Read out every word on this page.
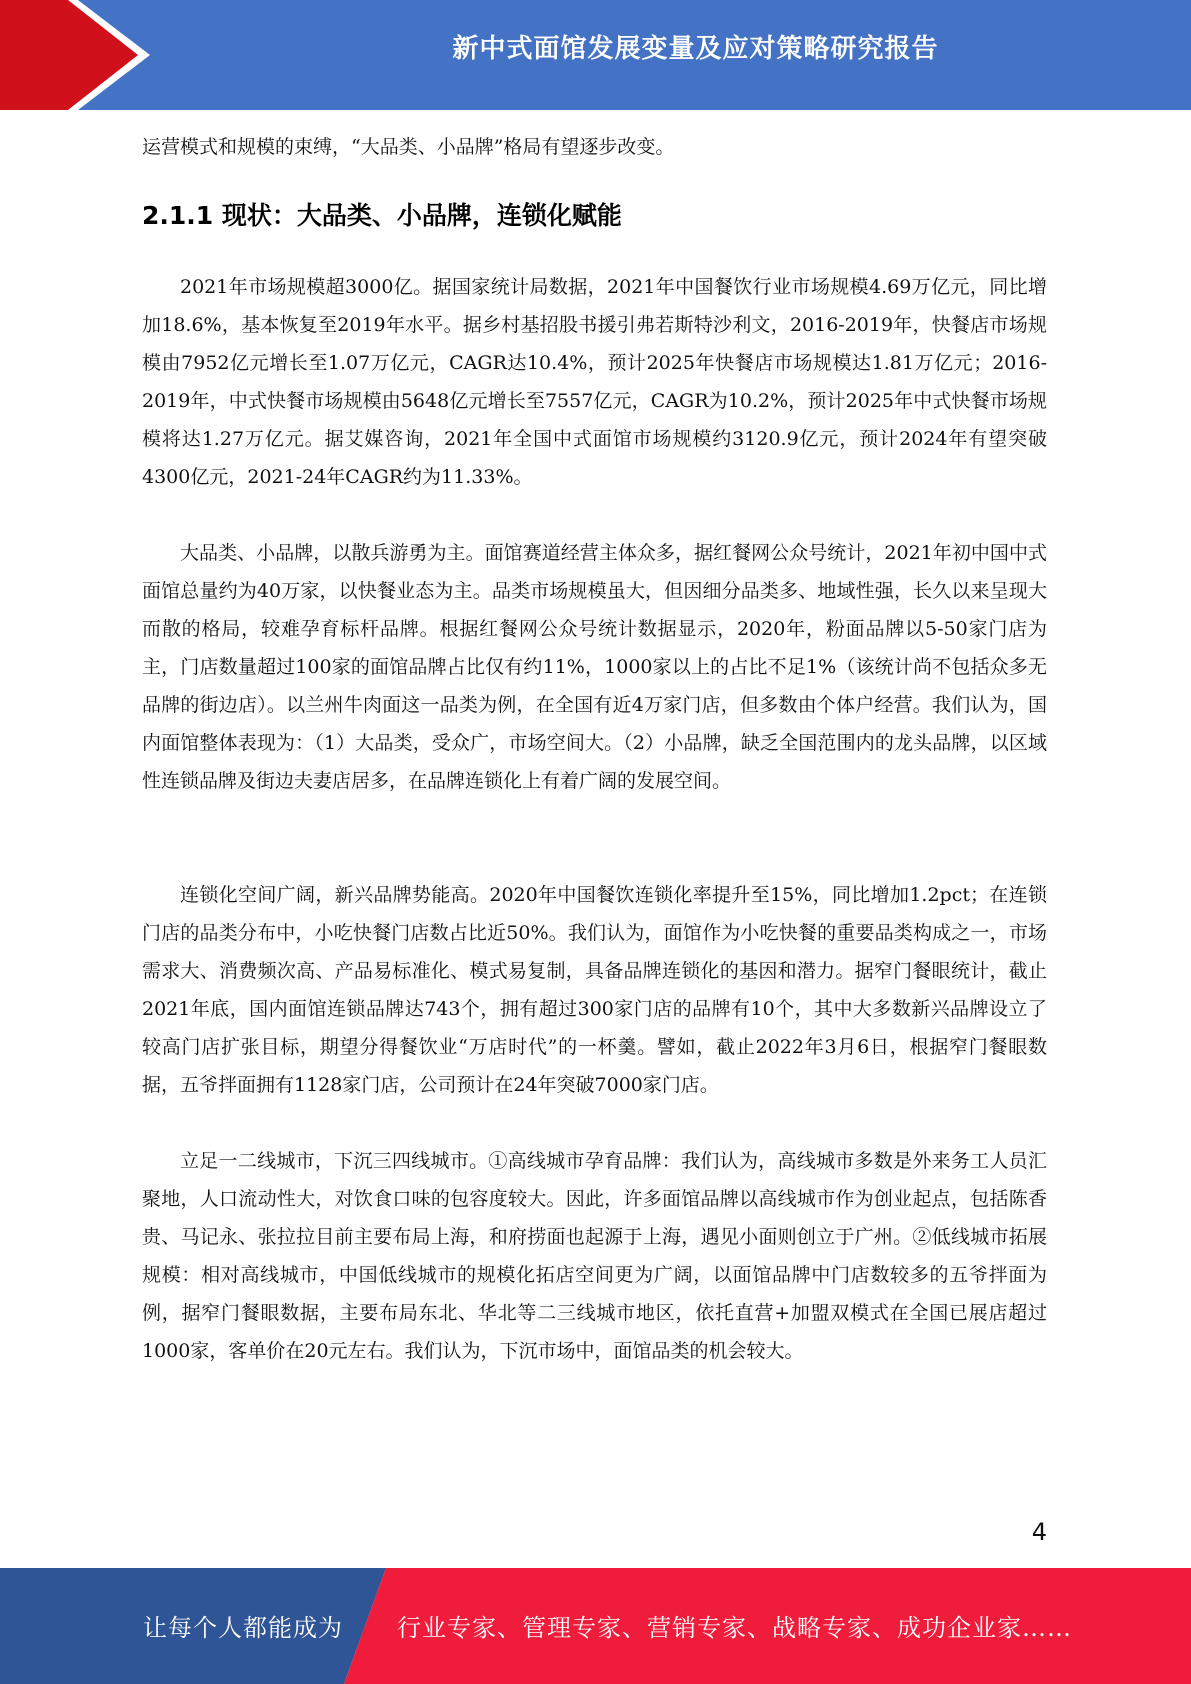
新中式面馆发展变量及应对策略研究报告

运营模式和规模的束缚，“大品类、小品牌”格局有望逐步改变。

2.1.1 现状：大品类、小品牌，连锁化赋能

2021年市场规模超3000亿。据国家统计局数据，2021年中国餐饮行业市场规模4.69万亿元，同比增加18.6%，基本恢复至2019年水平。据乡村基招股书援引弗若斯特沙利文，2016-2019年，快餐店市场规模由7952亿元增长至1.07万亿元，CAGR达10.4%，预计2025年快餐店市场规模达1.81万亿元；2016-2019年，中式快餐市场规模由5648亿元增长至7557亿元，CAGR为10.2%，预计2025年中式快餐市场规模将达1.27万亿元。据艾媒咨询，2021年全国中式面馆市场规模约3120.9亿元，预计2024年有望突破4300亿元，2021-24年CAGR约为11.33%。

大品类、小品牌，以散兵游勇为主。面馆赛道经营主体众多，据红餐网公众号统计，2021年初中国中式面馆总量约为40万家，以快餐业态为主。品类市场规模虽大，但因细分品类多、地域性强，长久以来呈现大而散的格局，较难孕育标杆品牌。根据红餐网公众号统计数据显示，2020年，粉面品牌以5-50家门店为主，门店数量超过100家的面馆品牌占比仅有约11%，1000家以上的占比不足1%（该统计尚不包括众多无品牌的街边店）。以兰州牛肉面这一品类为例，在全国有近4万家门店，但多数由个体户经营。我们认为，国内面馆整体表现为：（1）大品类，受众广，市场空间大。（2）小品牌，缺乏全国范围内的龙头品牌，以区域性连锁品牌及街边夫妻店居多，在品牌连锁化上有着广阔的发展空间。

连锁化空间广阔，新兴品牌势能高。2020年中国餐饮连锁化率提升至15%，同比增加1.2pct；在连锁门店的品类分布中，小吃快餐门店数占比近50%。我们认为，面馆作为小吃快餐的重要品类构成之一，市场需求大、消费频次高、产品易标准化、模式易复制，具备品牌连锁化的基因和潜力。据窄门餐眼统计，截止2021年底，国内面馆连锁品牌达743个，拥有超过300家门店的品牌有10个，其中大多数新兴品牌设立了较高门店扩张目标，期望分得餐饮业“万店时代”的一杯羹。譬如，截止2022年3月6日，根据窄门餐眼数据，五爷拌面拥有1128家门店，公司预计在24年突破7000家门店。

立足一二线城市，下沉三四线城市。①高线城市孕育品牌：我们认为，高线城市多数是外来务工人员汇聚地，人口流动性大，对饮食口味的包容度较大。因此，许多面馆品牌以高线城市作为创业起点，包括陈香贵、马记永、张拉拉目前主要布局上海，和府捞面也起源于上海，遇见小面则创立于广州。②低线城市拓展规模：相对高线城市，中国低线城市的规模化拓店空间更为广阔，以面馆品牌中门店数较多的五爷拌面为例，据窄门餐眼数据，主要布局东北、华北等二三线城市地区，依托直营+加盟双模式在全国已展店超过1000家，客单价在20元左右。我们认为，下沉市场中，面馆品类的机会较大。

4
让每个人都能成为 行业专家、管理专家、营销专家、战略专家、成功企业家……
